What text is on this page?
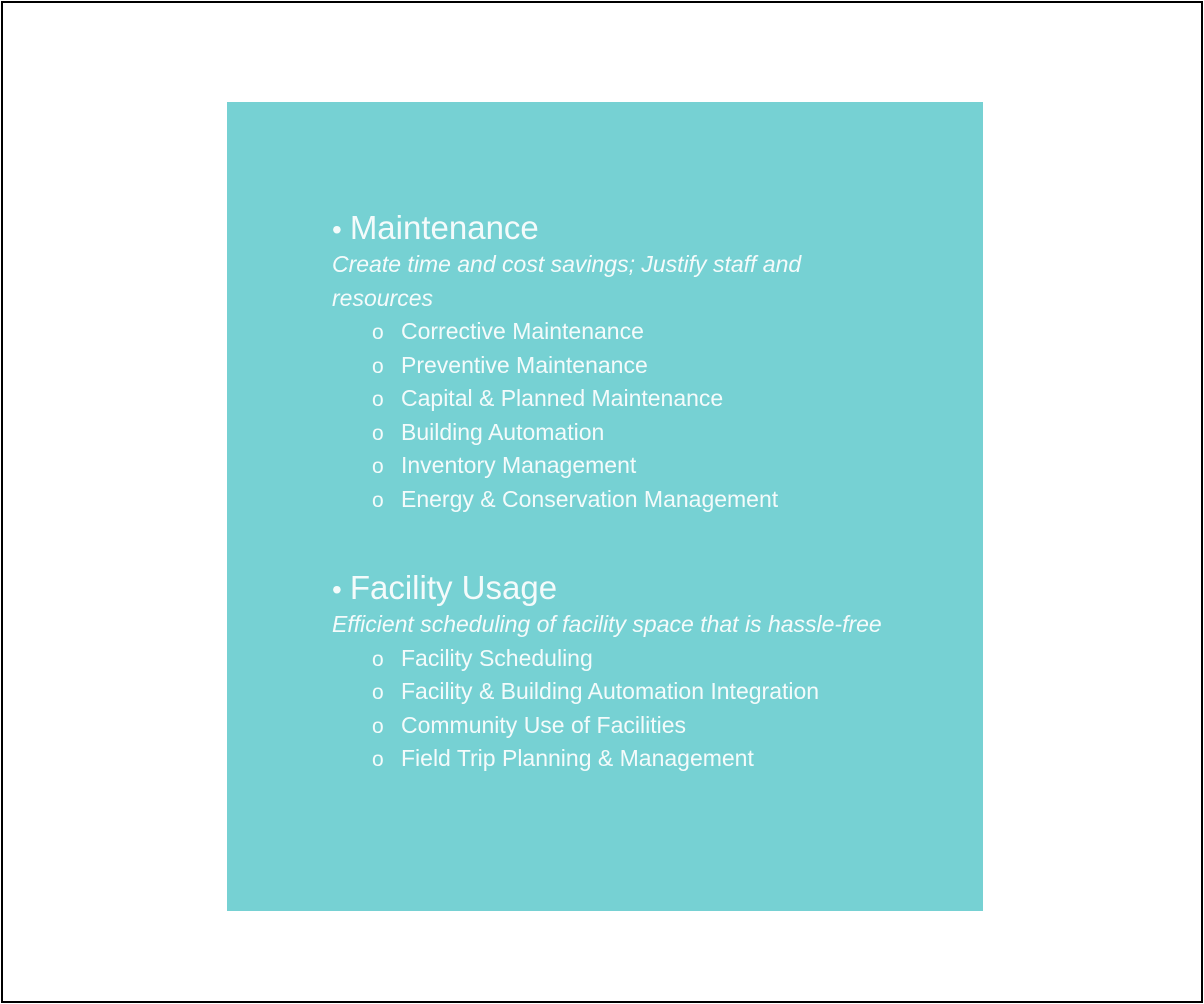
• Maintenance
Create time and cost savings; Justify staff and resources
o Corrective Maintenance
o Preventive Maintenance
o Capital & Planned Maintenance
o Building Automation
o Inventory Management
o Energy & Conservation Management
• Facility Usage
Efficient scheduling of facility space that is hassle-free
o Facility Scheduling
o Facility & Building Automation Integration
o Community Use of Facilities
o Field Trip Planning & Management
